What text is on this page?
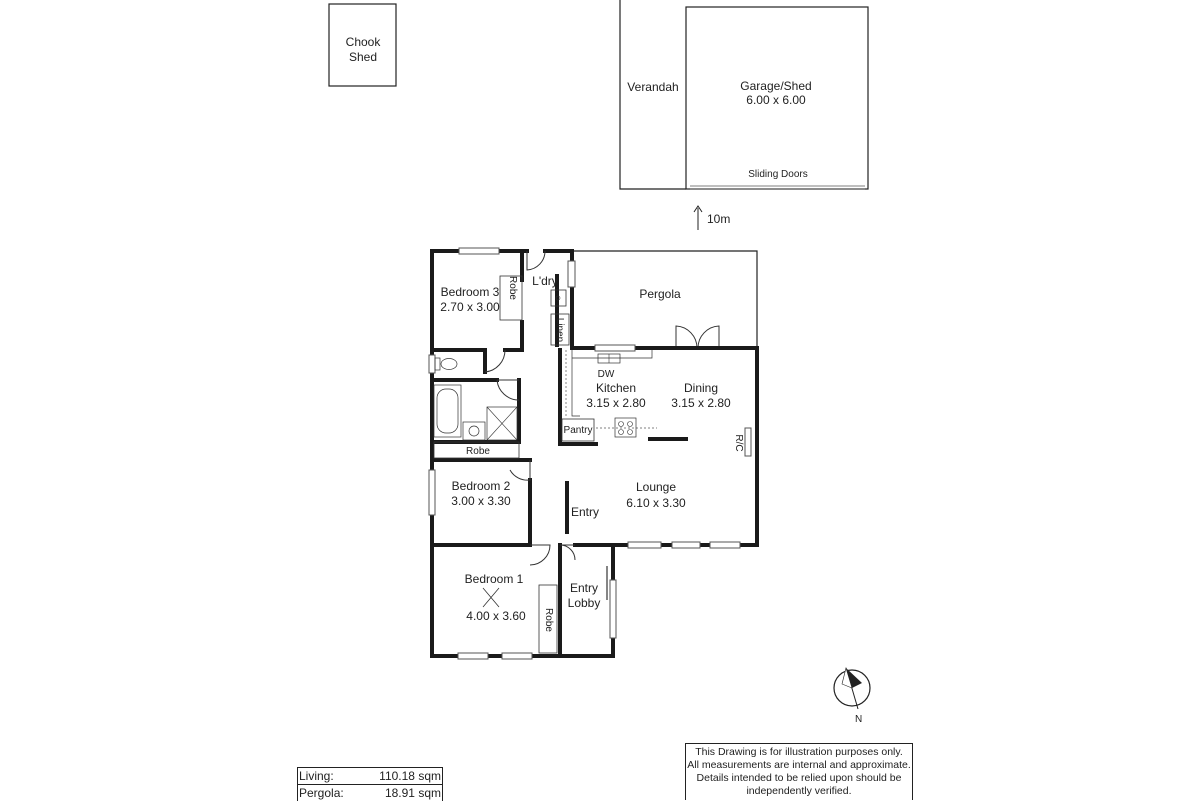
Chook
Shed
Verandah	Garage/Shed
6.00 x 6.00
Sliding Doors
10m
Pergola
Bedroom 3
2.70 x 3.00
Robe L'dry
Linen
DW
Kitchen
3.15 x 2.80
Dining
3.15 x 2.80
Pantry
R/C
Robe
Bedroom 2
3.00 x 3.30
Lounge
6.10 x 3.30
Entry
Bedroom 1
4.00 x 3.60 Robe
Entry
Lobby
N
Living:	110.18 sqm
Pergola:	18.91 sqm
This Drawing is for illustration purposes only.
All measurements are internal and approximate.
Details intended to be relied upon should be
independently verified.
